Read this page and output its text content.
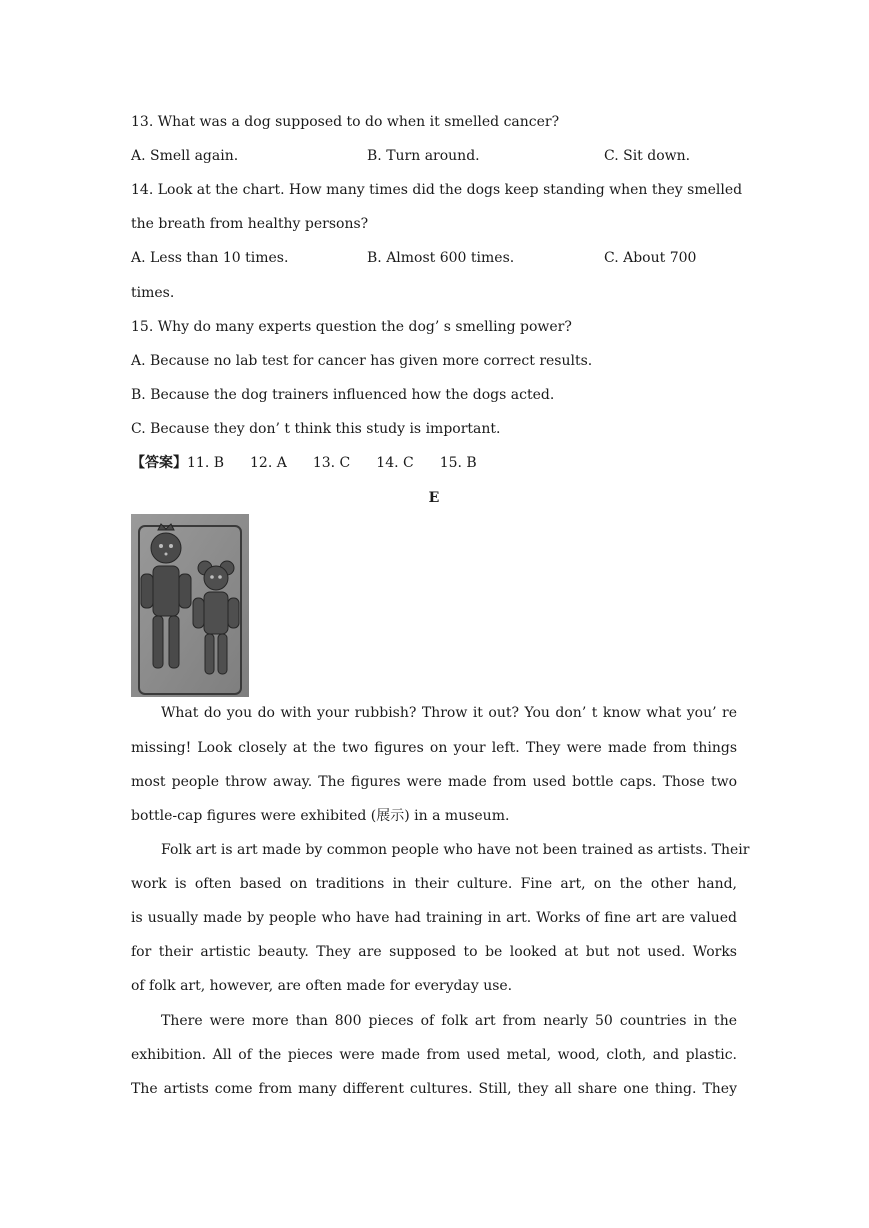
13. What was a dog supposed to do when it smelled cancer?
A. Smell again.	B. Turn around.	C. Sit down.
14. Look at the chart. How many times did the dogs keep standing when they smelled
the breath from healthy persons?
A. Less than 10 times.	B. Almost 600 times.	C. About 700
times.
15. Why do many experts question the dog’ s smelling power?
A. Because no lab test for cancer has given more correct results.
B. Because the dog trainers influenced how the dogs acted.
C. Because they don’ t think this study is important.
【答案】11. B 12. A 13. C 14. C 15. B
E
What do you do with your rubbish? Throw it out? You don’ t know what you’ re
missing! Look closely at the two figures on your left. They were made from things
most people throw away. The figures were made from used bottle caps. Those two
bottle-cap figures were exhibited (展示) in a museum.
Folk art is art made by common people who have not been trained as artists. Their
work is often based on traditions in their culture. Fine art, on the other hand,
is usually made by people who have had training in art. Works of fine art are valued
for their artistic beauty. They are supposed to be looked at but not used. Works
of folk art, however, are often made for everyday use.
There were more than 800 pieces of folk art from nearly 50 countries in the
exhibition. All of the pieces were made from used metal, wood, cloth, and plastic.
The artists come from many different cultures. Still, they all share one thing. They
